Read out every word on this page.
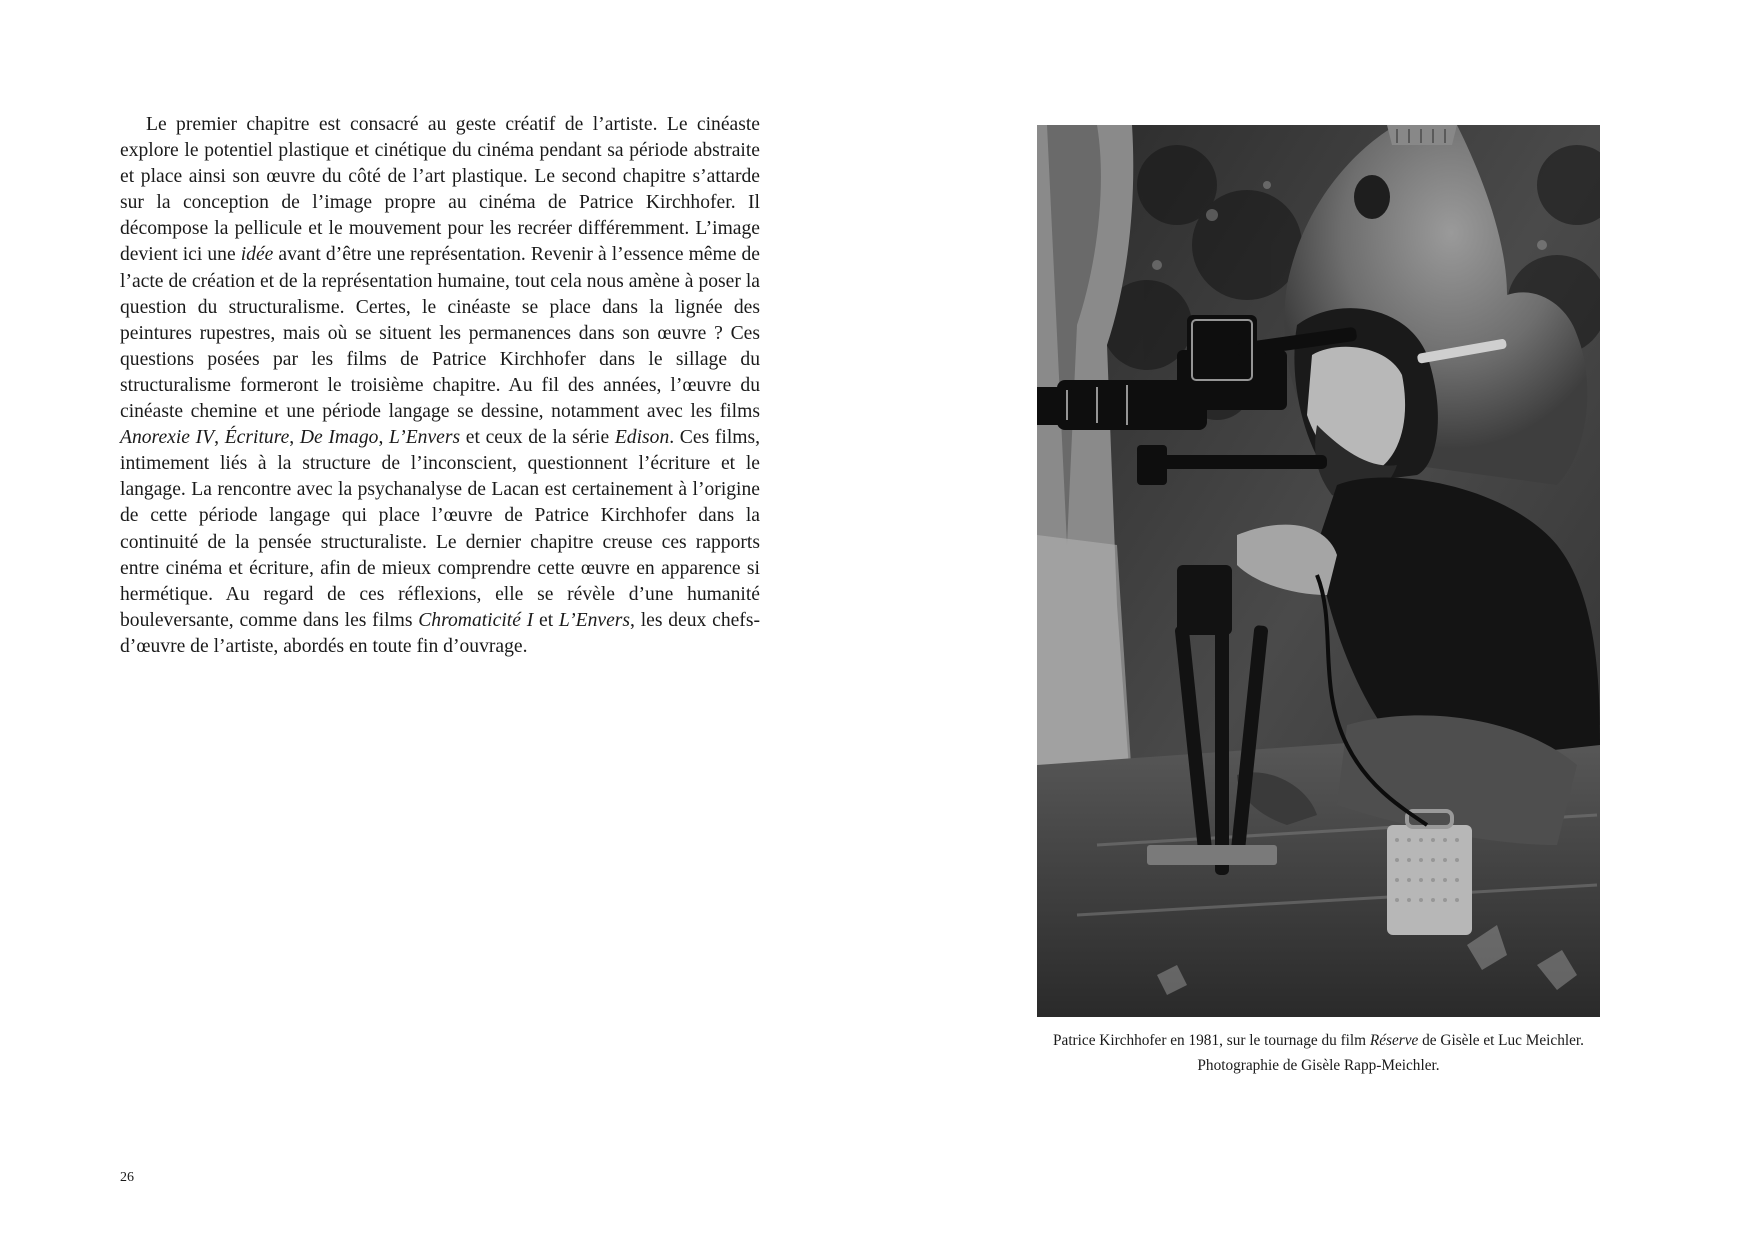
Le premier chapitre est consacré au geste créatif de l’artiste. Le cinéaste explore le potentiel plastique et cinétique du cinéma pendant sa période abstraite et place ainsi son œuvre du côté de l’art plastique. Le second chapitre s’attarde sur la conception de l’image propre au cinéma de Patrice Kirchhofer. Il décompose la pellicule et le mouvement pour les recréer différemment. L’image devient ici une idée avant d’être une représentation. Revenir à l’essence même de l’acte de création et de la représentation humaine, tout cela nous amène à poser la question du structuralisme. Certes, le cinéaste se place dans la lignée des peintures rupestres, mais où se situent les permanences dans son œuvre ? Ces questions posées par les films de Patrice Kirchhofer dans le sillage du structuralisme formeront le troisième chapitre. Au fil des années, l’œuvre du cinéaste chemine et une période langage se dessine, notamment avec les films Anorexie IV, Écriture, De Imago, L’Envers et ceux de la série Edison. Ces films, intimement liés à la structure de l’inconscient, questionnent l’écriture et le langage. La rencontre avec la psychanalyse de Lacan est certainement à l’origine de cette période langage qui place l’œuvre de Patrice Kirchhofer dans la continuité de la pensée structuraliste. Le dernier chapitre creuse ces rapports entre cinéma et écriture, afin de mieux comprendre cette œuvre en apparence si hermétique. Au regard de ces réflexions, elle se révèle d’une humanité bouleversante, comme dans les films Chromaticité I et L’Envers, les deux chefs-d’œuvre de l’artiste, abordés en toute fin d’ouvrage.

26

Patrice Kirchhofer en 1981, sur le tournage du film Réserve de Gisèle et Luc Meichler. Photographie de Gisèle Rapp-Meichler.
